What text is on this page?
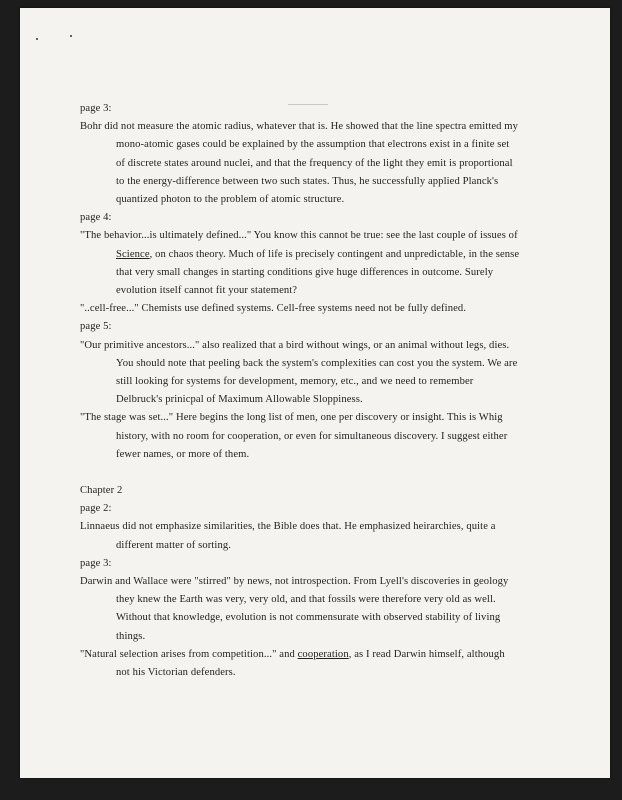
page 3:

Bohr did not measure the atomic radius, whatever that is. He showed that the line spectra emitted my mono-atomic gases could be explained by the assumption that electrons exist in a finite set of discrete states around nuclei, and that the frequency of the light they emit is proportional to the energy-difference between two such states. Thus, he successfully applied Planck's quantized photon to the problem of atomic structure.

page 4:

"The behavior...is ultimately defined..." You know this cannot be true: see the last couple of issues of Science, on chaos theory. Much of life is precisely contingent and unpredictable, in the sense that very small changes in starting conditions give huge differences in outcome. Surely evolution itself cannot fit your statement?

"..cell-free..." Chemists use defined systems. Cell-free systems need not be fully defined.

page 5:

"Our primitive ancestors..." also realized that a bird without wings, or an animal without legs, dies. You should note that peeling back the system's complexities can cost you the system. We are still looking for systems for development, memory, etc., and we need to remember Delbruck's prinicpal of Maximum Allowable Sloppiness.

"The stage was set..." Here begins the long list of men, one per discovery or insight. This is Whig history, with no room for cooperation, or even for simultaneous discovery. I suggest either fewer names, or more of them.

Chapter 2

page 2:

Linnaeus did not emphasize similarities, the Bible does that. He emphasized heirarchies, quite a different matter of sorting.

page 3:

Darwin and Wallace were "stirred" by news, not introspection. From Lyell's discoveries in geology they knew the Earth was very, very old, and that fossils were therefore very old as well. Without that knowledge, evolution is not commensurate with observed stability of living things.

"Natural selection arises from competition..." and cooperation, as I read Darwin himself, although not his Victorian defenders.
